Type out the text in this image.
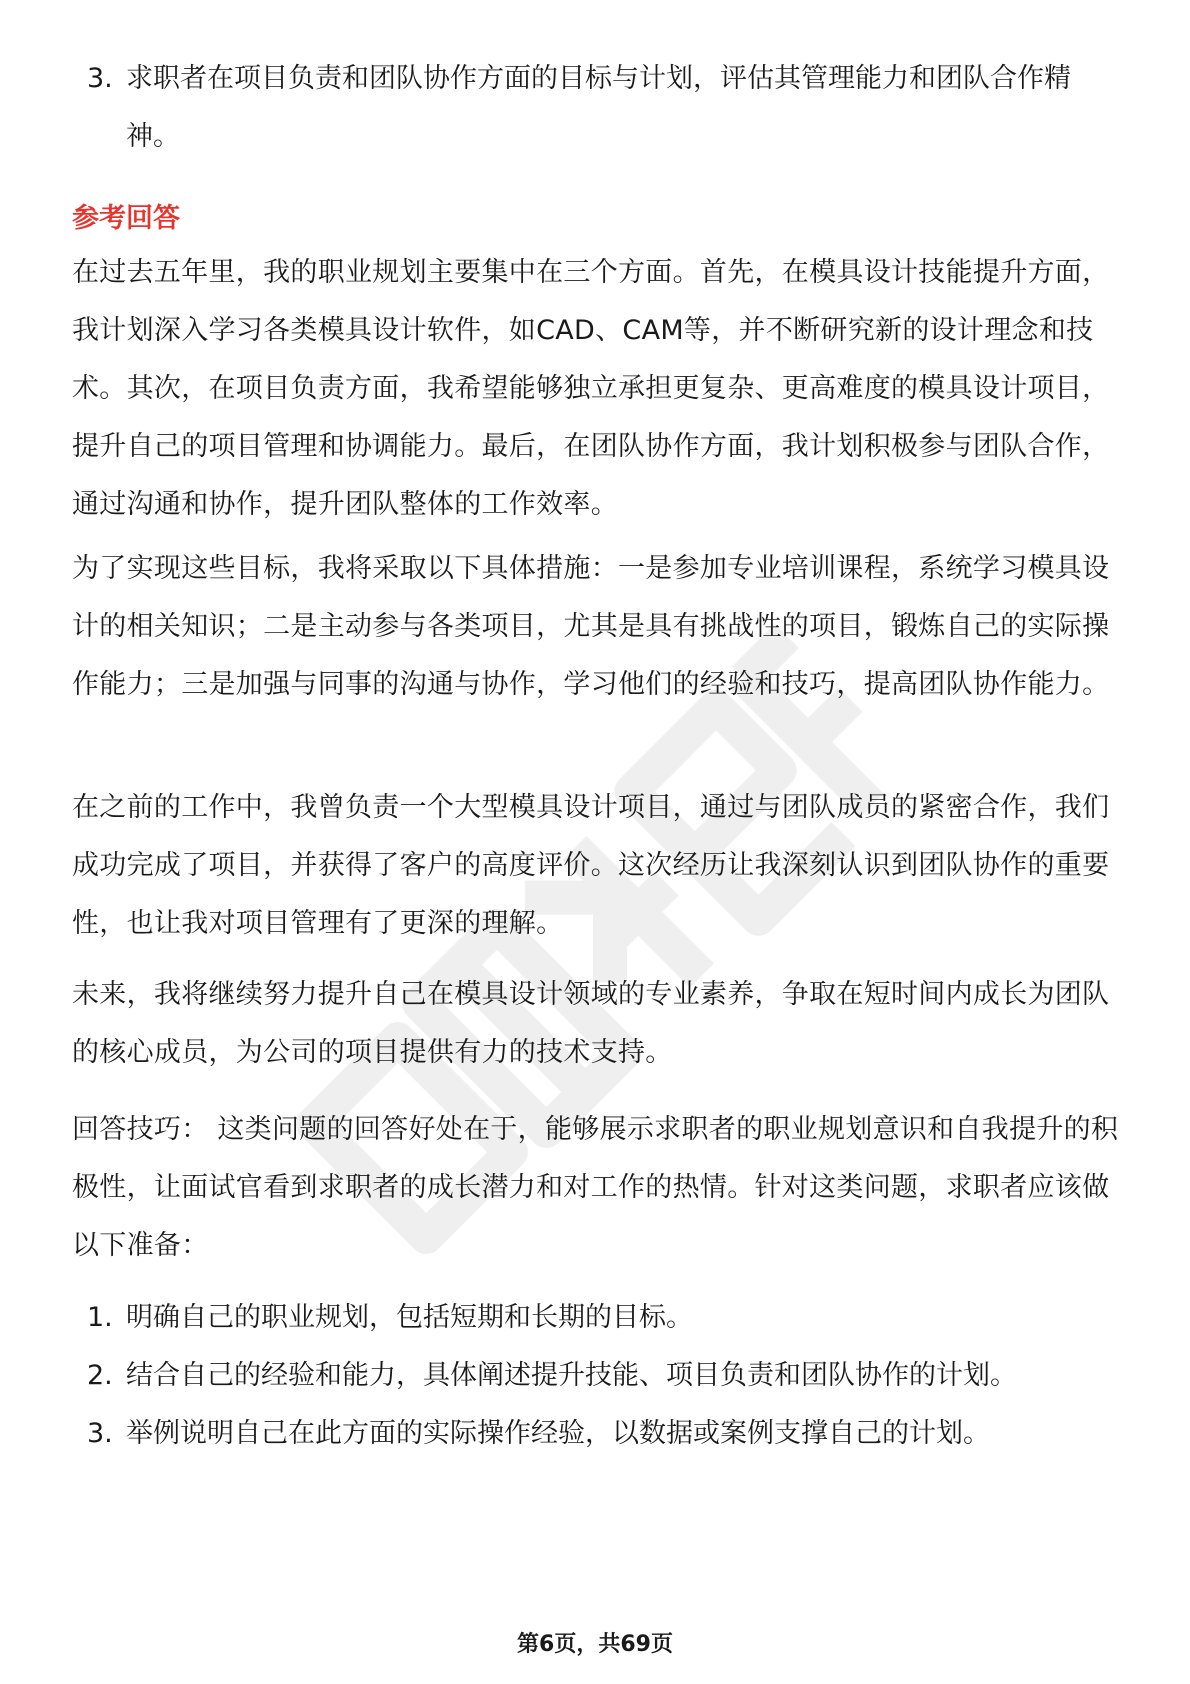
3. 求职者在项目负责和团队协作方面的目标与计划，评估其管理能力和团队合作精神。
参考回答
在过去五年里，我的职业规划主要集中在三个方面。首先，在模具设计技能提升方面，我计划深入学习各类模具设计软件，如CAD、CAM等，并不断研究新的设计理念和技术。其次，在项目负责方面，我希望能够独立承担更复杂、更高难度的模具设计项目，提升自己的项目管理和协调能力。最后，在团队协作方面，我计划积极参与团队合作，通过沟通和协作，提升团队整体的工作效率。
为了实现这些目标，我将采取以下具体措施：一是参加专业培训课程，系统学习模具设计的相关知识；二是主动参与各类项目，尤其是具有挑战性的项目，锻炼自己的实际操作能力；三是加强与同事的沟通与协作，学习他们的经验和技巧，提高团队协作能力。
在之前的工作中，我曾负责一个大型模具设计项目，通过与团队成员的紧密合作，我们成功完成了项目，并获得了客户的高度评价。这次经历让我深刻认识到团队协作的重要性，也让我对项目管理有了更深的理解。
未来，我将继续努力提升自己在模具设计领域的专业素养，争取在短时间内成长为团队的核心成员，为公司的项目提供有力的技术支持。
回答技巧： 这类问题的回答好处在于，能够展示求职者的职业规划意识和自我提升的积极性，让面试官看到求职者的成长潜力和对工作的热情。针对这类问题，求职者应该做以下准备：
1. 明确自己的职业规划，包括短期和长期的目标。
2. 结合自己的经验和能力，具体阐述提升技能、项目负责和团队协作的计划。
3. 举例说明自己在此方面的实际操作经验，以数据或案例支撑自己的计划。
第6页，共69页
